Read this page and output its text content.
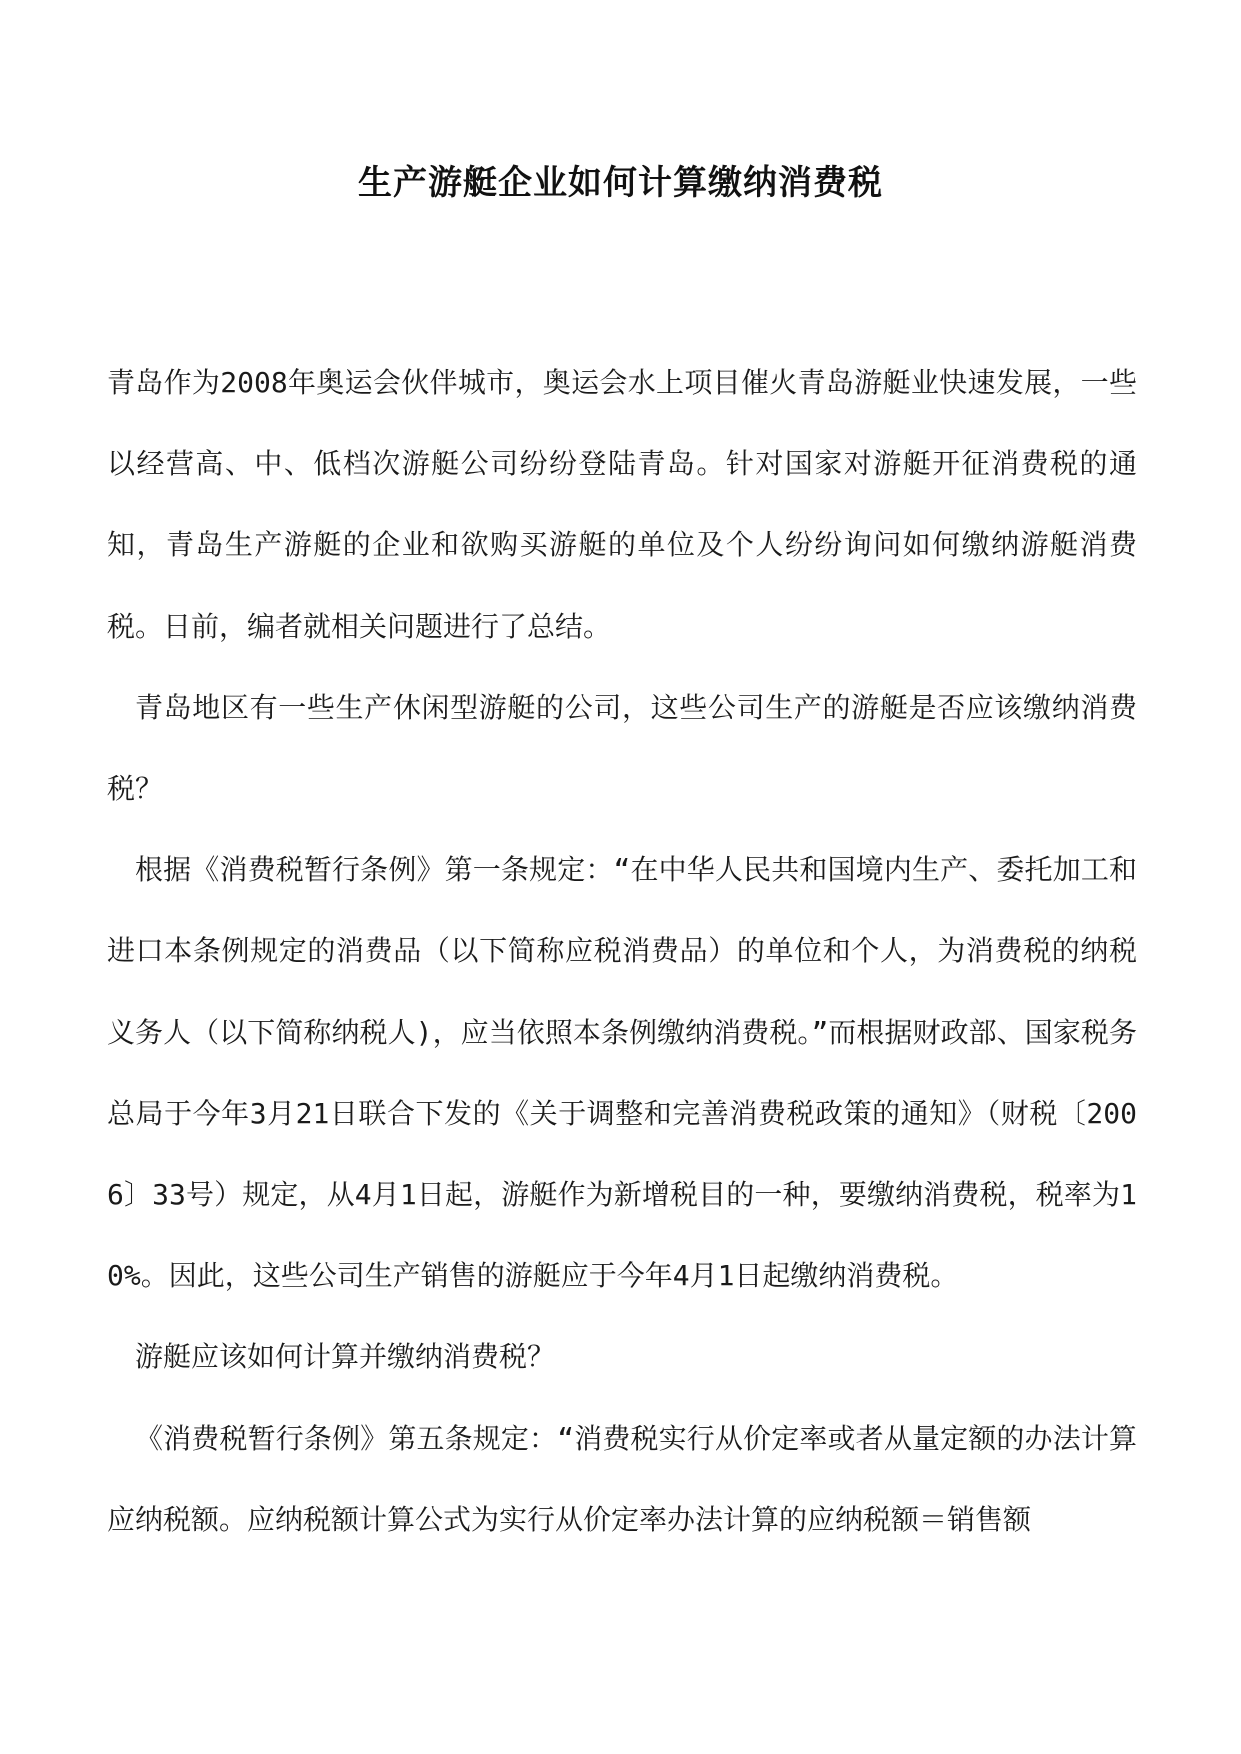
生产游艇企业如何计算缴纳消费税

青岛作为2008年奥运会伙伴城市，奥运会水上项目催火青岛游艇业快速发展，一些以经营高、中、低档次游艇公司纷纷登陆青岛。针对国家对游艇开征消费税的通知，青岛生产游艇的企业和欲购买游艇的单位及个人纷纷询问如何缴纳游艇消费税。日前，编者就相关问题进行了总结。

青岛地区有一些生产休闲型游艇的公司，这些公司生产的游艇是否应该缴纳消费税？

根据《消费税暂行条例》第一条规定：“在中华人民共和国境内生产、委托加工和进口本条例规定的消费品（以下简称应税消费品）的单位和个人，为消费税的纳税义务人（以下简称纳税人)，应当依照本条例缴纳消费税。”而根据财政部、国家税务总局于今年3月21日联合下发的《关于调整和完善消费税政策的通知》（财税〔2006〕33号）规定，从4月1日起，游艇作为新增税目的一种，要缴纳消费税，税率为10%。因此，这些公司生产销售的游艇应于今年4月1日起缴纳消费税。

游艇应该如何计算并缴纳消费税？

《消费税暂行条例》第五条规定：“消费税实行从价定率或者从量定额的办法计算应纳税额。应纳税额计算公式为实行从价定率办法计算的应纳税额＝销售额
